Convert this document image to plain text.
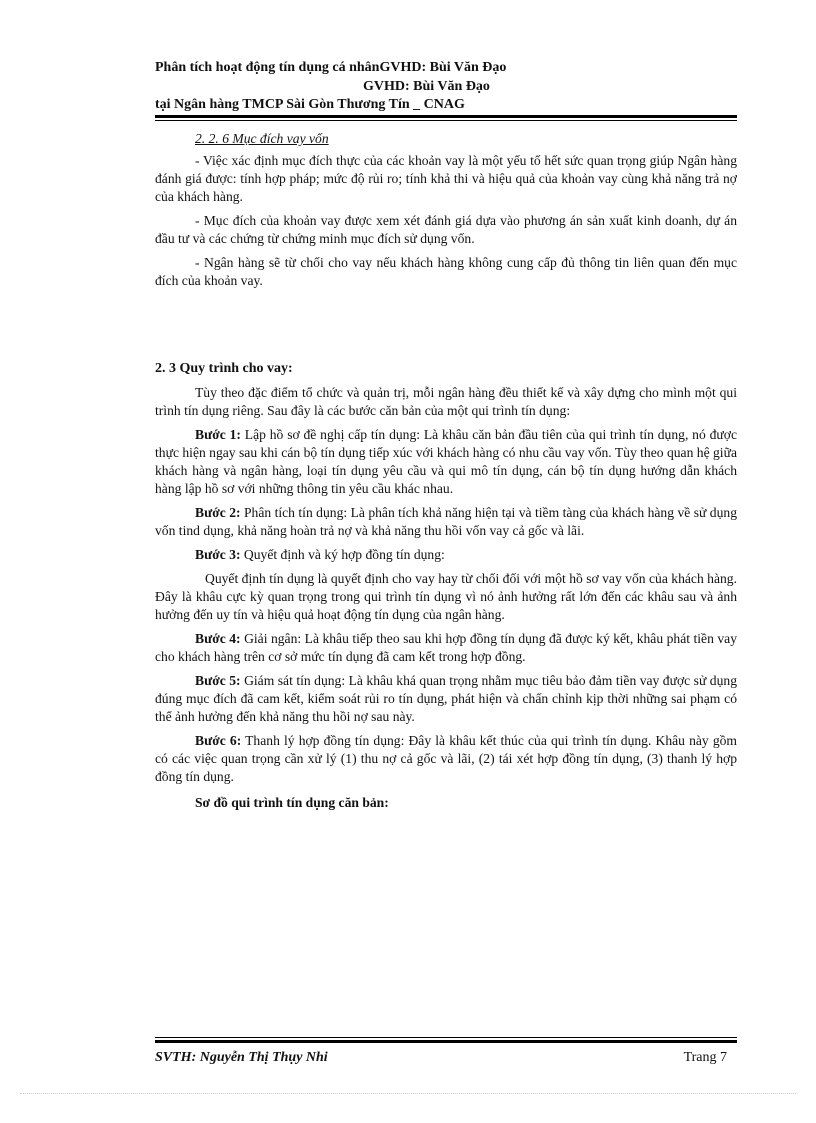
Phân tích hoạt động tín dụng cá nhânGVHD: Bùi Văn Đạo
GVHD: Bùi Văn Đạo
tại Ngân hàng TMCP Sài Gòn Thương Tín _ CNAG

2. 2. 6 Mục đích vay vốn

- Việc xác định mục đích thực của các khoản vay là một yếu tố hết sức quan trọng giúp Ngân hàng đánh giá được: tính hợp pháp; mức độ rủi ro; tính khả thi và hiệu quả của khoản vay cùng khả năng trả nợ của khách hàng.

- Mục đích của khoản vay được xem xét đánh giá dựa vào phương án sản xuất kinh doanh, dự án đầu tư và các chứng từ chứng minh mục đích sử dụng vốn.

- Ngân hàng sẽ từ chối cho vay nếu khách hàng không cung cấp đủ thông tin liên quan đến mục đích của khoản vay.

2. 3 Quy trình cho vay:

Tùy theo đặc điểm tổ chức và quản trị, mỗi ngân hàng đều thiết kế và xây dựng cho mình một qui trình tín dụng riêng. Sau đây là các bước căn bản của một qui trình tín dụng:

Bước 1: Lập hồ sơ đề nghị cấp tín dụng: Là khâu căn bản đầu tiên của qui trình tín dụng, nó được thực hiện ngay sau khi cán bộ tín dụng tiếp xúc với khách hàng có nhu cầu vay vốn. Tùy theo quan hệ giữa khách hàng và ngân hàng, loại tín dụng yêu cầu và qui mô tín dụng, cán bộ tín dụng hướng dẫn khách hàng lập hồ sơ với những thông tin yêu cầu khác nhau.

Bước 2: Phân tích tín dụng: Là phân tích khả năng hiện tại và tiềm tàng của khách hàng về sử dụng vốn tind dụng, khả năng hoàn trả nợ và khả năng thu hồi vốn vay cả gốc và lãi.

Bước 3: Quyết định và ký hợp đồng tín dụng:

Quyết định tín dụng là quyết định cho vay hay từ chối đối với một hồ sơ vay vốn của khách hàng. Đây là khâu cực kỳ quan trọng trong qui trình tín dụng vì nó ảnh hưởng rất lớn đến các khâu sau và ảnh hưởng đến uy tín và hiệu quả hoạt động tín dụng của ngân hàng.

Bước 4: Giải ngân: Là khâu tiếp theo sau khi hợp đồng tín dụng đã được ký kết, khâu phát tiền vay cho khách hàng trên cơ sở mức tín dụng đã cam kết trong hợp đồng.

Bước 5: Giám sát tín dụng: Là khâu khá quan trọng nhằm mục tiêu bảo đảm tiền vay được sử dụng đúng mục đích đã cam kết, kiểm soát rủi ro tín dụng, phát hiện và chấn chỉnh kịp thời những sai phạm có thể ảnh hưởng đến khả năng thu hồi nợ sau này.

Bước 6: Thanh lý hợp đồng tín dụng: Đây là khâu kết thúc của qui trình tín dụng. Khâu này gồm có các việc quan trọng cần xử lý (1) thu nợ cả gốc và lãi, (2) tái xét hợp đồng tín dụng, (3) thanh lý hợp đồng tín dụng.

Sơ đồ qui trình tín dụng căn bản:

SVTH: Nguyễn Thị Thụy Nhi	Trang 7
